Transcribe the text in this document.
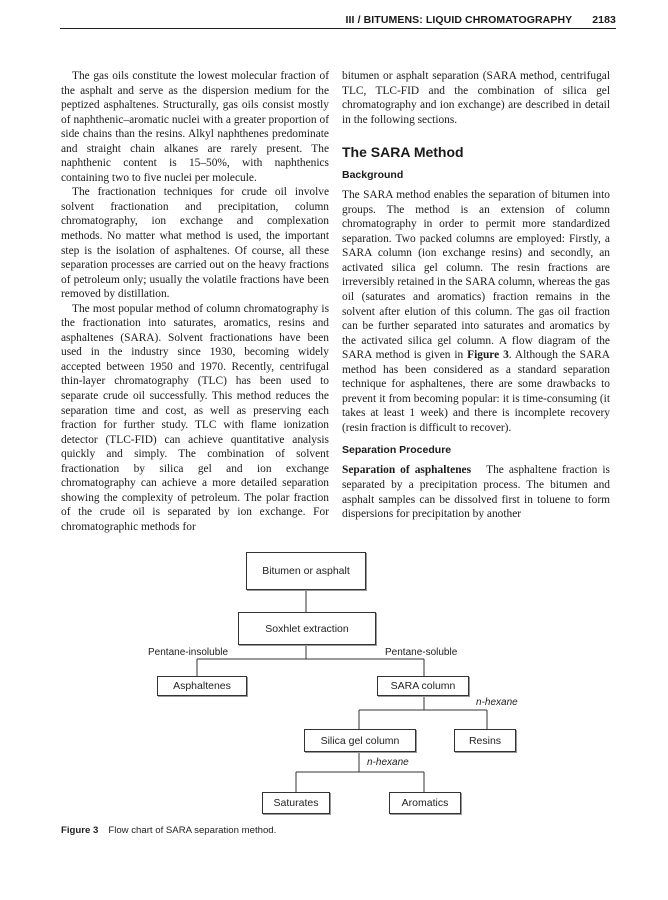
III / BITUMENS: LIQUID CHROMATOGRAPHY 2183

The gas oils constitute the lowest molecular fraction of the asphalt and serve as the dispersion medium for the peptized asphaltenes. Structurally, gas oils consist mostly of naphthenic–aromatic nuclei with a greater proportion of side chains than the resins. Alkyl naphthenes predominate and straight chain alkanes are rarely present. The naphthenic content is 15–50%, with naphthenics containing two to five nuclei per molecule.

The fractionation techniques for crude oil involve solvent fractionation and precipitation, column chromatography, ion exchange and complexation methods. No matter what method is used, the important step is the isolation of asphaltenes. Of course, all these separation processes are carried out on the heavy fractions of petroleum only; usually the volatile fractions have been removed by distillation.

The most popular method of column chromatography is the fractionation into saturates, aromatics, resins and asphaltenes (SARA). Solvent fractionations have been used in the industry since 1930, becoming widely accepted between 1950 and 1970. Recently, centrifugal thin-layer chromatography (TLC) has been used to separate crude oil successfully. This method reduces the separation time and cost, as well as preserving each fraction for further study. TLC with flame ionization detector (TLC-FID) can achieve quantitative analysis quickly and simply. The combination of solvent fractionation by silica gel and ion exchange chromatography can achieve a more detailed separation showing the complexity of petroleum. The polar fraction of the crude oil is separated by ion exchange. For chromatographic methods for

bitumen or asphalt separation (SARA method, centrifugal TLC, TLC-FID and the combination of silica gel chromatography and ion exchange) are described in detail in the following sections.

The SARA Method
Background

The SARA method enables the separation of bitumen into groups. The method is an extension of column chromatography in order to permit more standardized separation. Two packed columns are employed: Firstly, a SARA column (ion exchange resins) and secondly, an activated silica gel column. The resin fractions are irreversibly retained in the SARA column, whereas the gas oil (saturates and aromatics) fraction remains in the solvent after elution of this column. The gas oil fraction can be further separated into saturates and aromatics by the activated silica gel column. A flow diagram of the SARA method is given in Figure 3. Although the SARA method has been considered as a standard separation technique for asphaltenes, there are some drawbacks to prevent it from becoming popular: it is time-consuming (it takes at least 1 week) and there is incomplete recovery (resin fraction is difficult to recover).

Separation Procedure

Separation of asphaltenes The asphaltene fraction is separated by a precipitation process. The bitumen and asphalt samples can be dissolved first in toluene to form dispersions for precipitation by another

Bitumen or asphalt
Soxhlet extraction
Pentane-insoluble	Pentane-soluble
Asphaltenes	SARA column
n-hexane
Silica gel column	Resins
n-hexane
Saturates	Aromatics
Figure 3 Flow chart of SARA separation method.
